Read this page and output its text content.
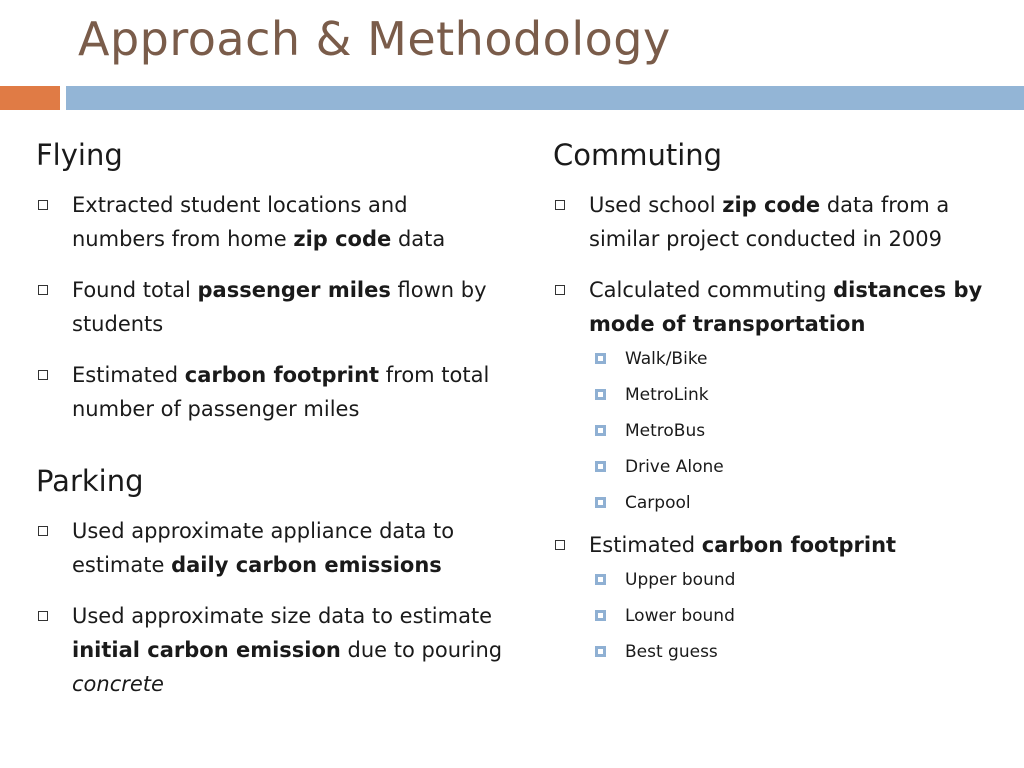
Approach & Methodology
Flying
Extracted student locations and numbers from home zip code data
Found total passenger miles flown by students
Estimated carbon footprint from total number of passenger miles
Parking
Used approximate appliance data to estimate daily carbon emissions
Used approximate size data to estimate initial carbon emission due to pouring concrete
Commuting
Used school zip code data from a similar project conducted in 2009
Calculated commuting distances by mode of transportation
Walk/Bike
MetroLink
MetroBus
Drive Alone
Carpool
Estimated carbon footprint
Upper bound
Lower bound
Best guess
